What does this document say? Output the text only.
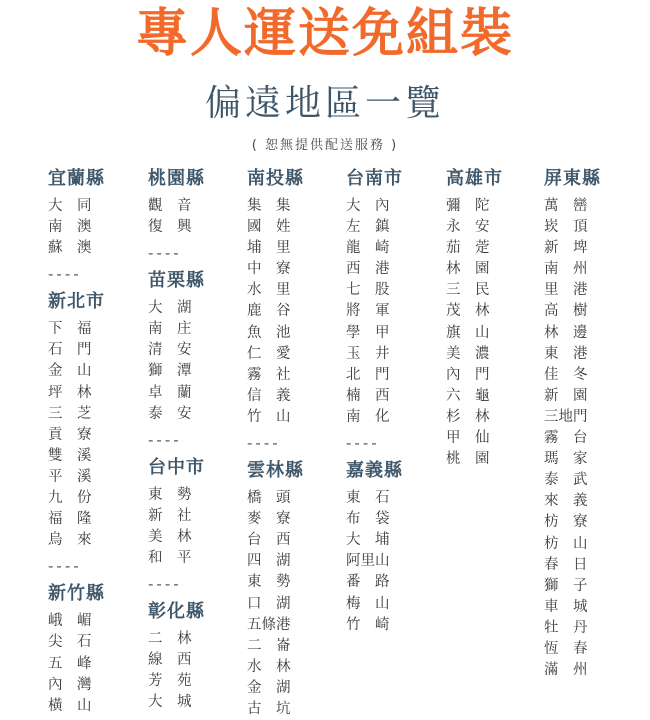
專人運送免組裝
偏遠地區一覽
( 恕無提供配送服務 )
宜蘭縣
大　同
南　澳
蘇　澳
----
新北市
下　福
石　門
金　山
坪　林
三　芝
貢　寮
雙　溪
平　溪
九　份
福　隆
烏　來
----
新竹縣
峨　嵋
尖　石
五　峰
內　灣
橫　山
桃園縣
觀　音
復　興
----
苗栗縣
大　湖
南　庄
清　安
獅　潭
卓　蘭
泰　安
----
台中市
東　勢
新　社
美　林
和　平
----
彰化縣
二　林
線　西
芳　苑
大　城
南投縣
集　集
國　姓
埔　里
中　寮
水　里
鹿　谷
魚　池
仁　愛
霧　社
信　義
竹　山
----
雲林縣
橋　頭
麥　寮
台　西
四　湖
東　勢
口　湖
五條港
二　崙
水　林
金　湖
古　坑
台南市
大　內
左　鎮
龍　崎
西　港
七　股
將　軍
學　甲
玉　井
北　門
楠　西
南　化
----
嘉義縣
東　石
布　袋
大　埔
阿里山
番　路
梅　山
竹　崎
高雄市
彌　陀
永　安
茄　萣
林　園
三　民
茂　林
旗　山
美　濃
內　門
六　龜
杉　林
甲　仙
桃　園
屏東縣
萬　巒
崁　頂
新　埤
南　州
里　港
高　樹
林　邊
東　港
佳　冬
新　園
三地門
霧　台
瑪　家
泰　武
來　義
枋　寮
枋　山
春　日
獅　子
車　城
牡　丹
恆　春
滿　州
